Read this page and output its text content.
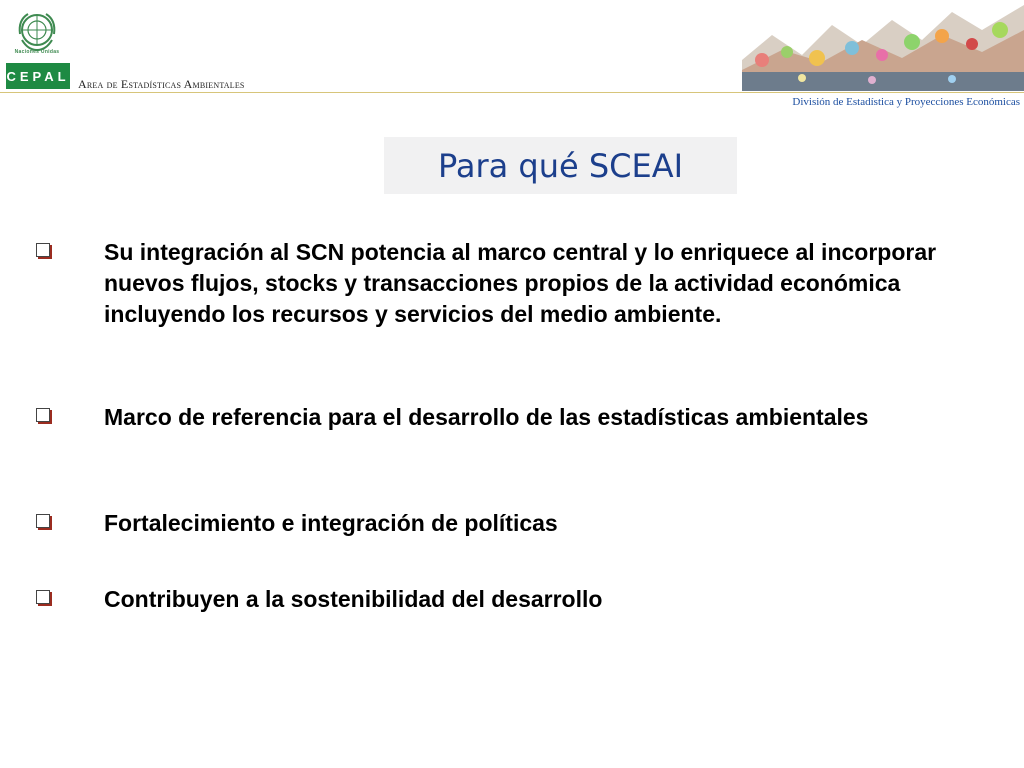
Naciones Unidas
CEPAL
Area de Estadísticas Ambientales
División de Estadística y Proyecciones Económicas
Para qué SCEAI
Su integración al SCN potencia al marco central y lo enriquece al incorporar nuevos flujos, stocks y transacciones propios de la actividad económica incluyendo los recursos y servicios del medio ambiente.
Marco de referencia para el desarrollo de las estadísticas ambientales
Fortalecimiento e integración de políticas
Contribuyen a la sostenibilidad del desarrollo
